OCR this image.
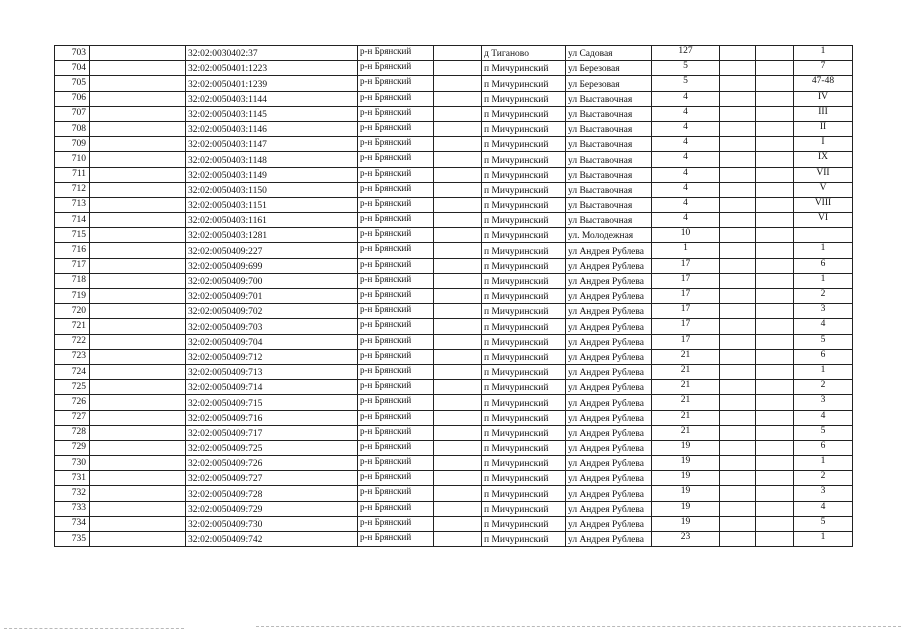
703		32:02:0030402:37	р-н Брянский		д Тиганово	ул Садовая	127			1
704		32:02:0050401:1223	р-н Брянский		п Мичуринский	ул Березовая	5			7
705		32:02:0050401:1239	р-н Брянский		п Мичуринский	ул Березовая	5			47-48
706		32:02:0050403:1144	р-н Брянский		п Мичуринский	ул Выставочная	4			IV
707		32:02:0050403:1145	р-н Брянский		п Мичуринский	ул Выставочная	4			III
708		32:02:0050403:1146	р-н Брянский		п Мичуринский	ул Выставочная	4			II
709		32:02:0050403:1147	р-н Брянский		п Мичуринский	ул Выставочная	4			I
710		32:02:0050403:1148	р-н Брянский		п Мичуринский	ул Выставочная	4			IX
711		32:02:0050403:1149	р-н Брянский		п Мичуринский	ул Выставочная	4			VII
712		32:02:0050403:1150	р-н Брянский		п Мичуринский	ул Выставочная	4			V
713		32:02:0050403:1151	р-н Брянский		п Мичуринский	ул Выставочная	4			VIII
714		32:02:0050403:1161	р-н Брянский		п Мичуринский	ул Выставочная	4			VI
715		32:02:0050403:1281	р-н Брянский		п Мичуринский	ул. Молодежная	10			
716		32:02:0050409:227	р-н Брянский		п Мичуринский	ул Андрея Рублева	1			1
717		32:02:0050409:699	р-н Брянский		п Мичуринский	ул Андрея Рублева	17			6
718		32:02:0050409:700	р-н Брянский		п Мичуринский	ул Андрея Рублева	17			1
719		32:02:0050409:701	р-н Брянский		п Мичуринский	ул Андрея Рублева	17			2
720		32:02:0050409:702	р-н Брянский		п Мичуринский	ул Андрея Рублева	17			3
721		32:02:0050409:703	р-н Брянский		п Мичуринский	ул Андрея Рублева	17			4
722		32:02:0050409:704	р-н Брянский		п Мичуринский	ул Андрея Рублева	17			5
723		32:02:0050409:712	р-н Брянский		п Мичуринский	ул Андрея Рублева	21			6
724		32:02:0050409:713	р-н Брянский		п Мичуринский	ул Андрея Рублева	21			1
725		32:02:0050409:714	р-н Брянский		п Мичуринский	ул Андрея Рублева	21			2
726		32:02:0050409:715	р-н Брянский		п Мичуринский	ул Андрея Рублева	21			3
727		32:02:0050409:716	р-н Брянский		п Мичуринский	ул Андрея Рублева	21			4
728		32:02:0050409:717	р-н Брянский		п Мичуринский	ул Андрея Рублева	21			5
729		32:02:0050409:725	р-н Брянский		п Мичуринский	ул Андрея Рублева	19			6
730		32:02:0050409:726	р-н Брянский		п Мичуринский	ул Андрея Рублева	19			1
731		32:02:0050409:727	р-н Брянский		п Мичуринский	ул Андрея Рублева	19			2
732		32:02:0050409:728	р-н Брянский		п Мичуринский	ул Андрея Рублева	19			3
733		32:02:0050409:729	р-н Брянский		п Мичуринский	ул Андрея Рублева	19			4
734		32:02:0050409:730	р-н Брянский		п Мичуринский	ул Андрея Рублева	19			5
735		32:02:0050409:742	р-н Брянский		п Мичуринский	ул Андрея Рублева	23			1
